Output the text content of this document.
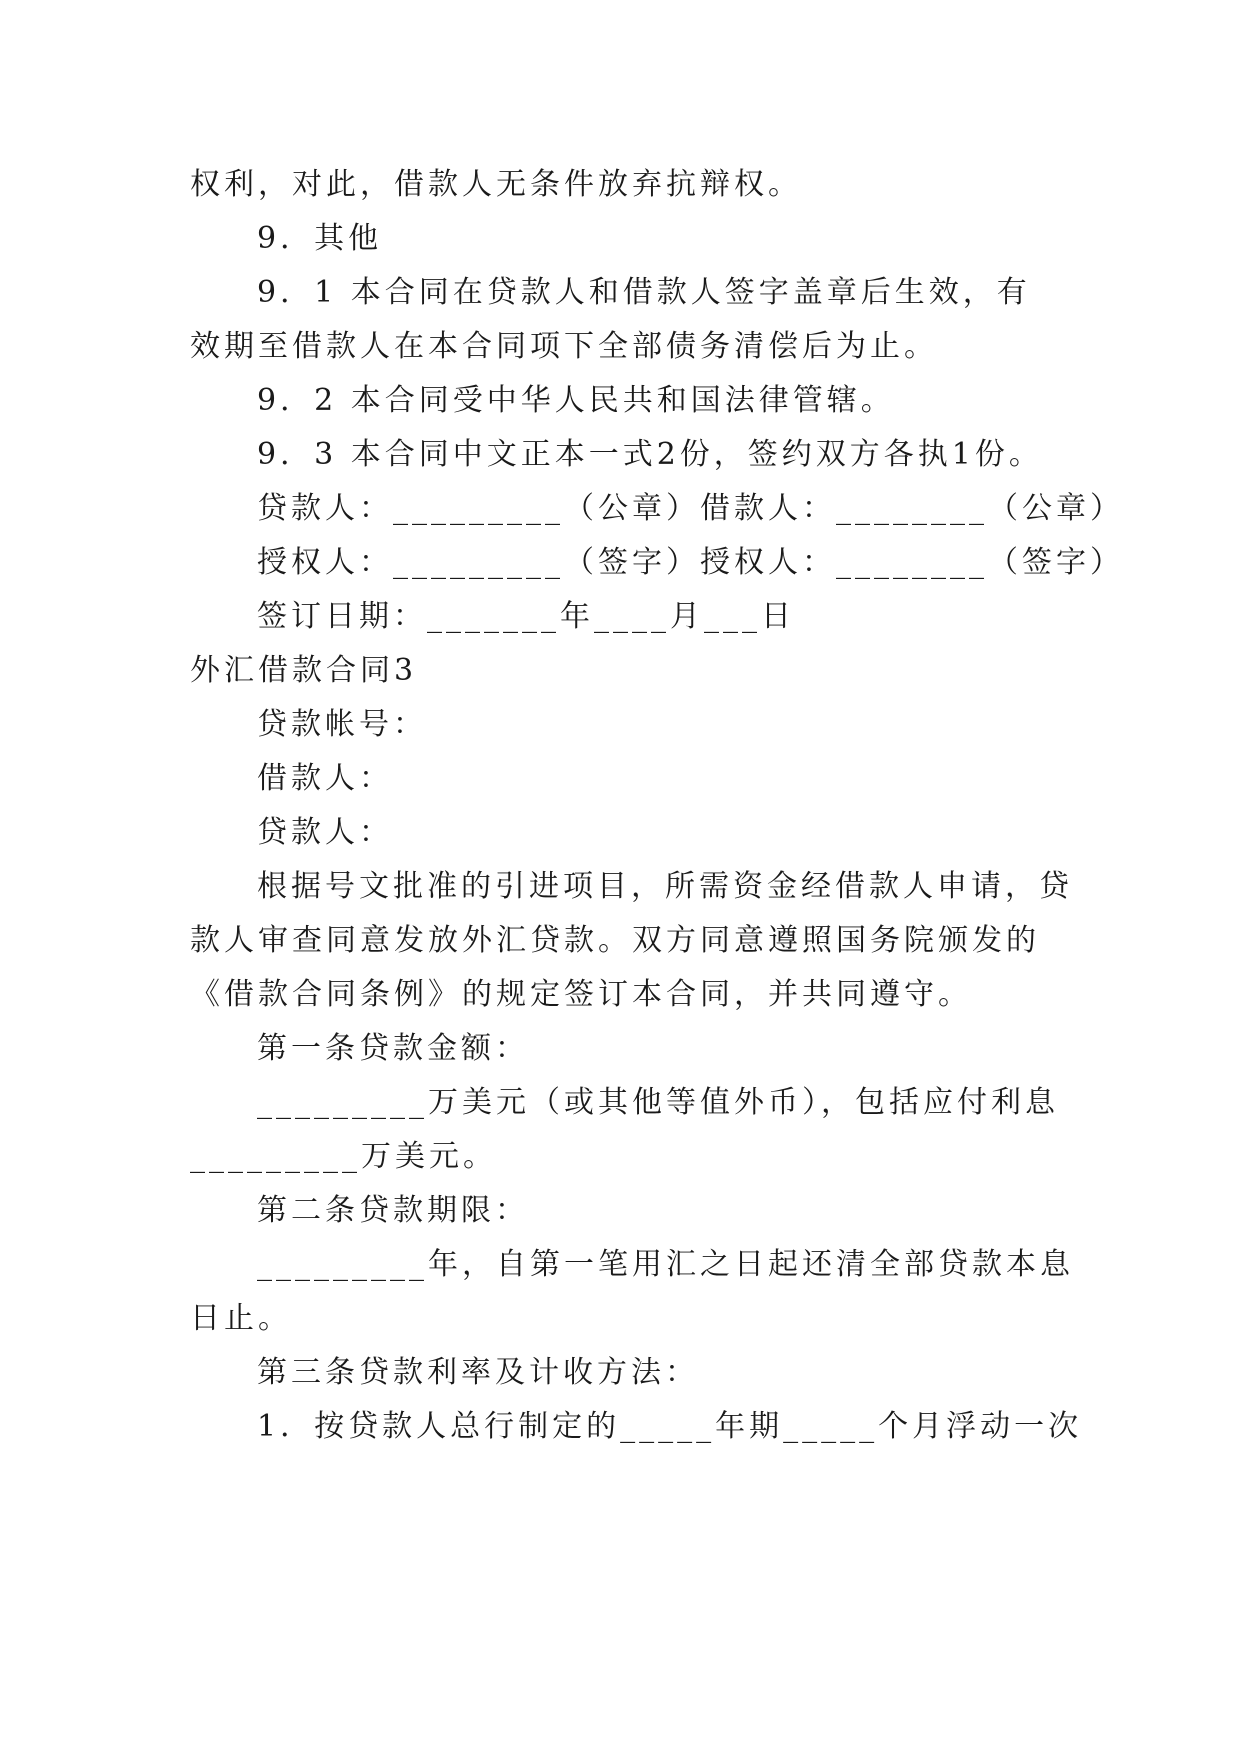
权利，对此，借款人无条件放弃抗辩权。
9．其他
9．1 本合同在贷款人和借款人签字盖章后生效，有
效期至借款人在本合同项下全部债务清偿后为止。
9．2 本合同受中华人民共和国法律管辖。
9．3 本合同中文正本一式2份，签约双方各执1份。
贷款人：_________（公章） 借款人：________（公章）
授权人：_________（签字） 授权人：________（签字）
签订日期：_______年____月___日
外汇借款合同3
贷款帐号：
借款人：
贷款人：
根据号文批准的引进项目，所需资金经借款人申请，贷
款人审查同意发放外汇贷款。双方同意遵照国务院颁发的
《借款合同条例》的规定签订本合同，并共同遵守。
第一条贷款金额：
_________万美元（或其他等值外币），包括应付利息
_________万美元。
第二条贷款期限：
_________年，自第一笔用汇之日起还清全部贷款本息
日止。
第三条贷款利率及计收方法：
1．按贷款人总行制定的_____年期_____个月浮动一次
